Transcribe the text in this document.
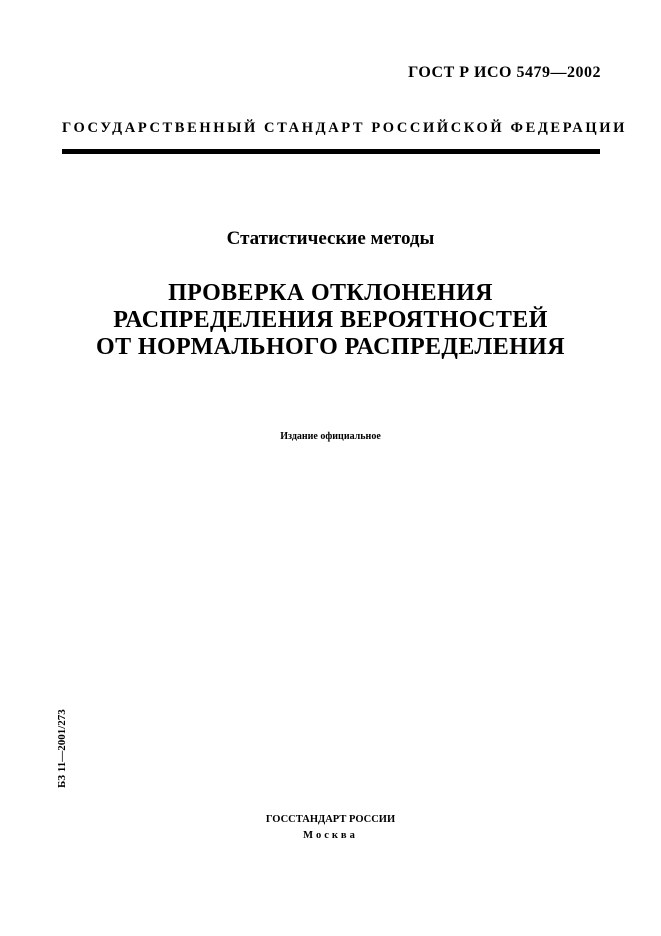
ГОСТ Р ИСО 5479—2002
ГОСУДАРСТВЕННЫЙ СТАНДАРТ РОССИЙСКОЙ ФЕДЕРАЦИИ
Статистические методы
ПРОВЕРКА ОТКЛОНЕНИЯ
РАСПРЕДЕЛЕНИЯ ВЕРОЯТНОСТЕЙ
ОТ НОРМАЛЬНОГО РАСПРЕДЕЛЕНИЯ
Издание официальное
БЗ 11—2001/273
ГОССТАНДАРТ РОССИИ
Москва
